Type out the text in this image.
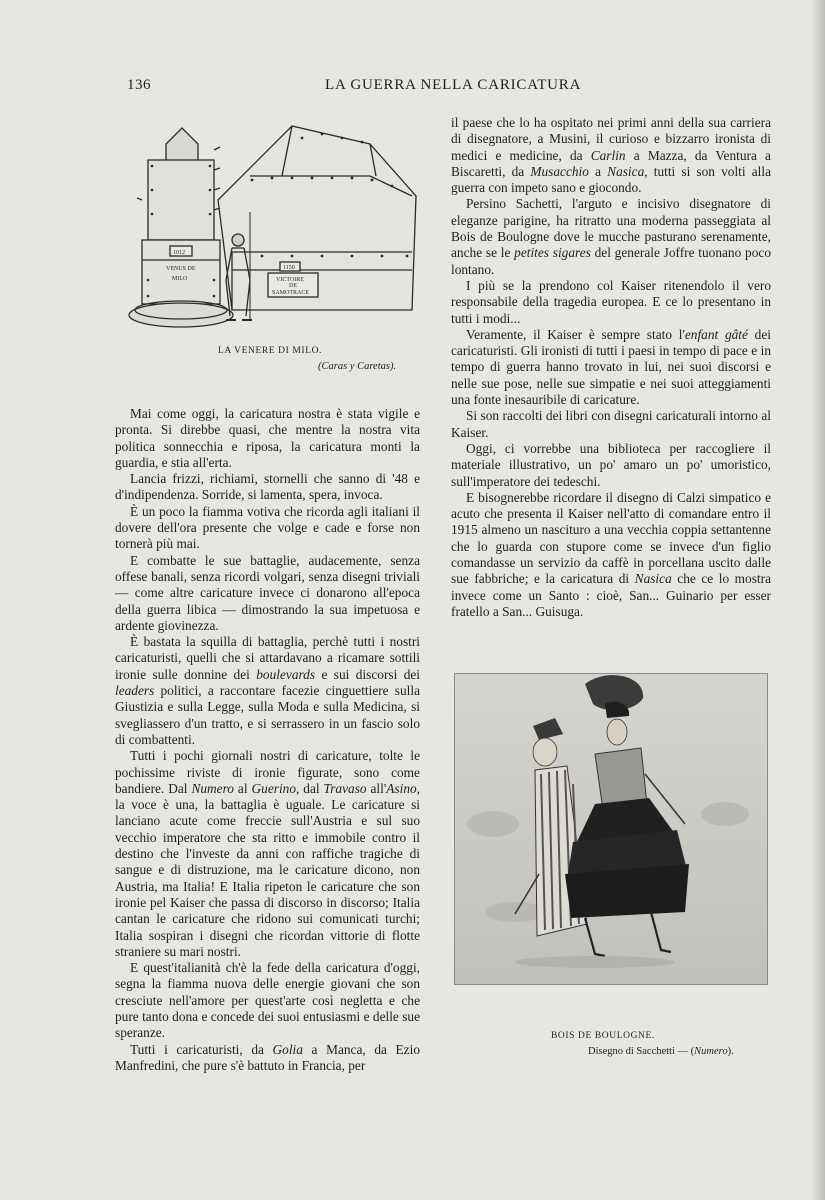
136	LA GUERRA NELLA CARICATURA
1012
VENUS DE
MILO
1150
VICTOIRE
DE
SAMOTRACE
LA VENERE DI MILO.
(Caras y Caretas).

Mai come oggi, la caricatura nostra è stata vigile e pronta. Si direbbe quasi, che mentre la nostra vita politica sonnecchia e riposa, la caricatura monti la guardia, e stia all'erta.

Lancia frizzi, richiami, stornelli che sanno di '48 e d'indipendenza. Sorride, si lamenta, spera, invoca.

È un poco la fiamma votiva che ricorda agli italiani il dovere dell'ora presente che volge e cade e forse non tornerà più mai.

E combatte le sue battaglie, audacemente, senza offese banali, senza ricordi volgari, senza disegni triviali — come altre caricature invece ci donarono all'epoca della guerra libica — dimostrando la sua impetuosa e ardente giovinezza.

È bastata la squilla di battaglia, perchè tutti i nostri caricaturisti, quelli che si attardavano a ricamare sottili ironie sulle donnine dei boulevards e sui discorsi dei leaders politici, a raccontare facezie cinguettiere sulla Giustizia e sulla Legge, sulla Moda e sulla Medicina, si svegliassero d'un tratto, e si serrassero in un fascio solo di combattenti.

Tutti i pochi giornali nostri di caricature, tolte le pochissime riviste di ironie figurate, sono come bandiere. Dal Numero al Guerino, dal Travaso all'Asino, la voce è una, la battaglia è uguale. Le caricature si lanciano acute come freccie sull'Austria e sul suo vecchio imperatore che sta ritto e immobile contro il destino che l'investe da anni con raffiche tragiche di sangue e di distruzione, ma le caricature dicono, non Austria, ma Italia! E Italia ripeton le caricature che son ironie pel Kaiser che passa di discorso in discorso; Italia cantan le caricature che ridono sui comunicati turchi; Italia sospiran i disegni che ricordan vittorie di flotte straniere su mari nostri.

E quest'italianità ch'è la fede della caricatura d'oggi, segna la fiamma nuova delle energie giovani che son cresciute nell'amore per quest'arte così negletta e che pure tanto dona e concede dei suoi entusiasmi e delle sue speranze.

Tutti i caricaturisti, da Golia a Manca, da Ezio Manfredini, che pure s'è battuto in Francia, per

il paese che lo ha ospitato nei primi anni della sua carriera di disegnatore, a Musini, il curioso e bizzarro ironista di medici e medicine, da Carlin a Mazza, da Ventura a Biscaretti, da Musacchio a Nasica, tutti si son volti alla guerra con impeto sano e giocondo.

Persino Sachetti, l'arguto e incisivo disegnatore di eleganze parigine, ha ritratto una moderna passeggiata al Bois de Boulogne dove le mucche pasturano serenamente, anche se le petites sigares del generale Joffre tuonano poco lontano.

I più se la prendono col Kaiser ritenendolo il vero responsabile della tragedia europea. E ce lo presentano in tutti i modi...

Veramente, il Kaiser è sempre stato l'enfant gâté dei caricaturisti. Gli ironisti di tutti i paesi in tempo di pace e in tempo di guerra hanno trovato in lui, nei suoi discorsi e nelle sue pose, nelle sue simpatie e nei suoi atteggiamenti una fonte inesauribile di caricature.

Si son raccolti dei libri con disegni caricaturali intorno al Kaiser.

Oggi, ci vorrebbe una biblioteca per raccogliere il materiale illustrativo, un po' amaro un po' umoristico, sull'imperatore dei tedeschi.

E bisognerebbe ricordare il disegno di Calzi simpatico e acuto che presenta il Kaiser nell'atto di comandare entro il 1915 almeno un nascituro a una vecchia coppia settantenne che lo guarda con stupore come se invece d'un figlio comandasse un servizio da caffè in porcellana uscito dalle sue fabbriche; e la caricatura di Nasica che ce lo mostra invece come un Santo : cioè, San... Guinario per esser fratello a San... Guisuga.

BOIS DE BOULOGNE.
Disegno di Sacchetti — (Numero).
